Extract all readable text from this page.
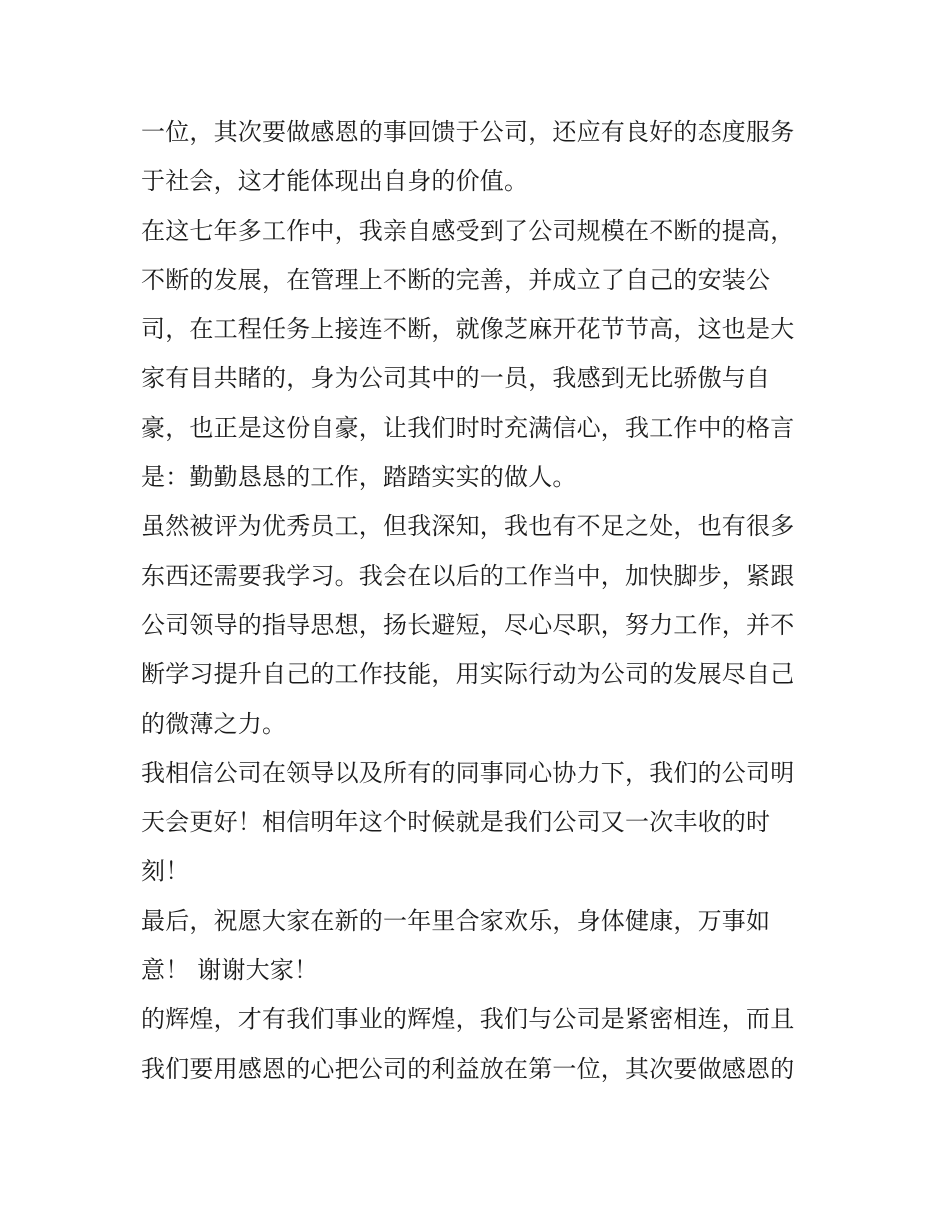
一位，其次要做感恩的事回馈于公司，还应有良好的态度服务
于社会，这才能体现出自身的价值。
在这七年多工作中，我亲自感受到了公司规模在不断的提高，
不断的发展，在管理上不断的完善，并成立了自己的安装公
司，在工程任务上接连不断，就像芝麻开花节节高，这也是大
家有目共睹的，身为公司其中的一员，我感到无比骄傲与自
豪，也正是这份自豪，让我们时时充满信心，我工作中的格言
是：勤勤恳恳的工作，踏踏实实的做人。
虽然被评为优秀员工，但我深知，我也有不足之处，也有很多
东西还需要我学习。我会在以后的工作当中，加快脚步，紧跟
公司领导的指导思想，扬长避短，尽心尽职，努力工作，并不
断学习提升自己的工作技能，用实际行动为公司的发展尽自己
的微薄之力。
我相信公司在领导以及所有的同事同心协力下，我们的公司明
天会更好！相信明年这个时候就是我们公司又一次丰收的时
刻！
最后，祝愿大家在新的一年里合家欢乐，身体健康，万事如
意！ 谢谢大家！
的辉煌，才有我们事业的辉煌，我们与公司是紧密相连，而且
我们要用感恩的心把公司的利益放在第一位，其次要做感恩的
